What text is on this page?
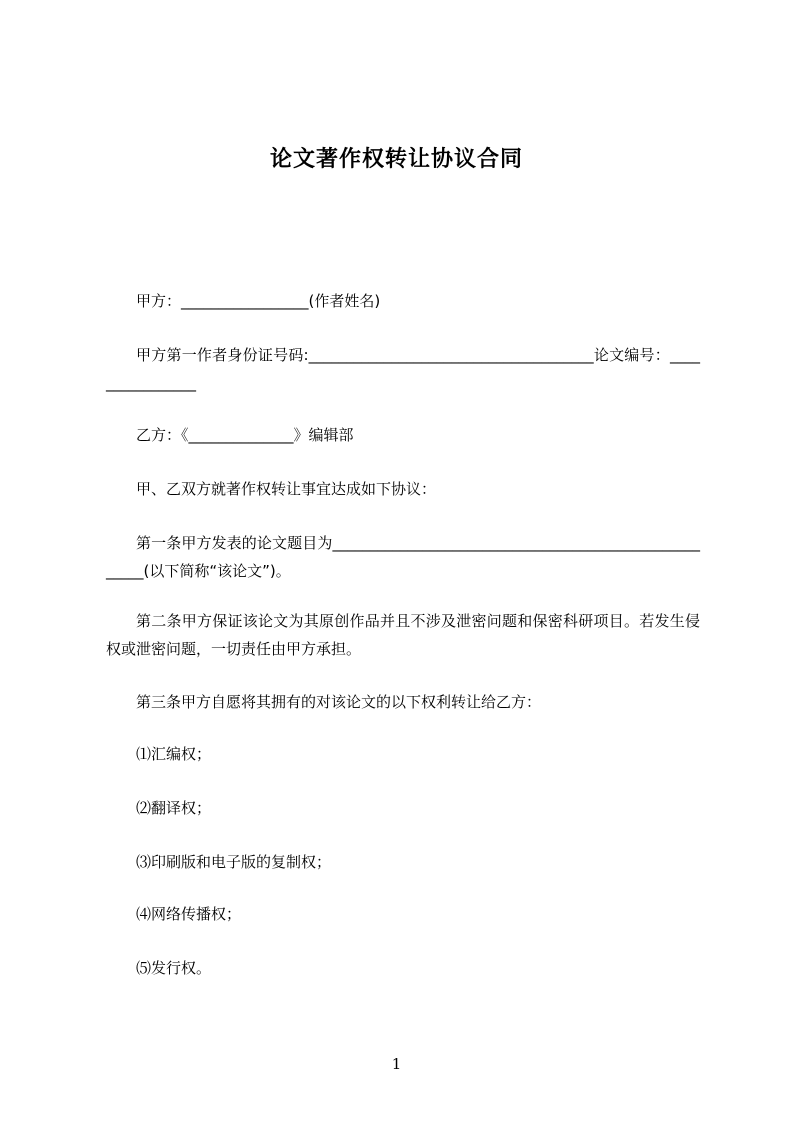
论文著作权转让协议合同
甲方：_________________(作者姓名)
甲方第一作者身份证号码:______________________________________论文编号：________________
乙方：《______________》编辑部
甲、乙双方就著作权转让事宜达成如下协议：
第一条甲方发表的论文题目为______________________________________________________(以下简称“该论文”)。
第二条甲方保证该论文为其原创作品并且不涉及泄密问题和保密科研项目。若发生侵权或泄密问题，一切责任由甲方承担。
第三条甲方自愿将其拥有的对该论文的以下权利转让给乙方：
⑴汇编权；
⑵翻译权；
⑶印刷版和电子版的复制权；
⑷网络传播权；
⑸发行权。
1
